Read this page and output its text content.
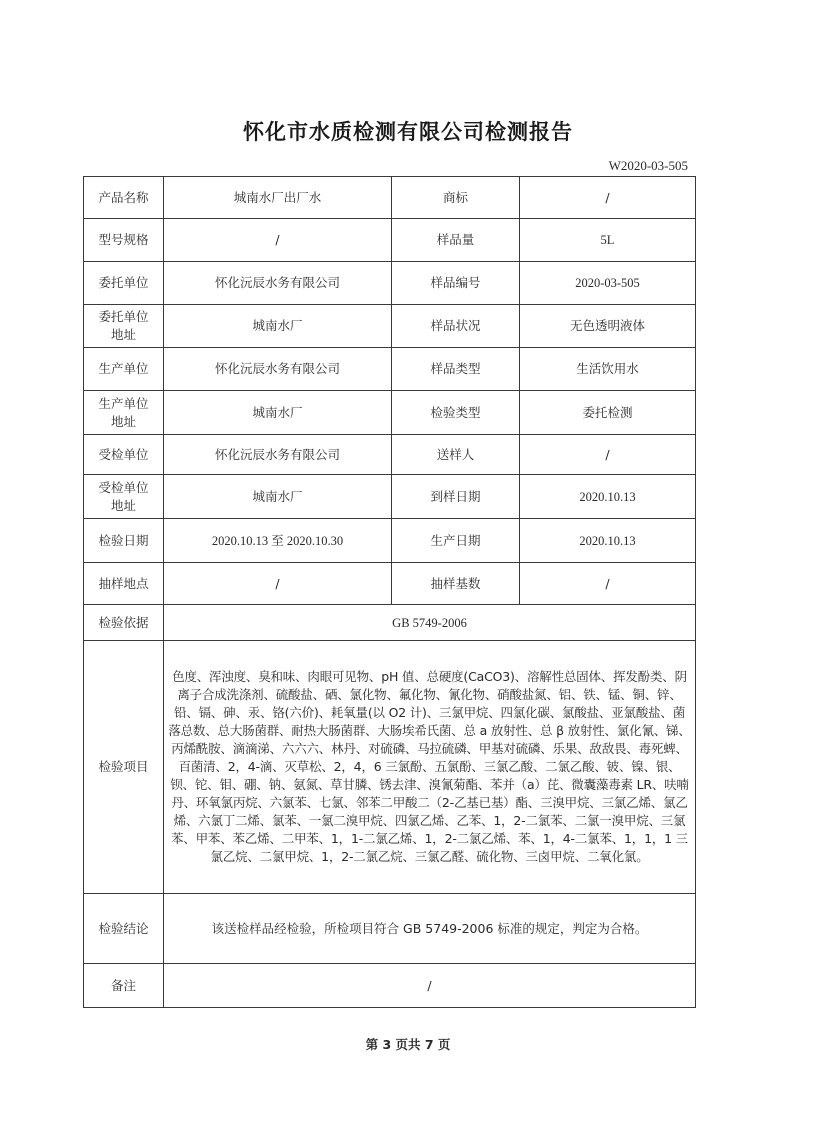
怀化市水质检测有限公司检测报告
W2020-03-505
产品名称	城南水厂出厂水	商标	/
型号规格	/	样品量	5L
委托单位	怀化沅辰水务有限公司	样品编号	2020-03-505

委托单位
地址	城南水厂	样品状况	无色透明液体
生产单位	怀化沅辰水务有限公司	样品类型	生活饮用水

生产单位
地址	城南水厂	检验类型	委托检测
受检单位	怀化沅辰水务有限公司	送样人	/

受检单位
地址	城南水厂	到样日期	2020.10.13
检验日期	2020.10.13 至 2020.10.30	生产日期	2020.10.13
抽样地点	/	抽样基数	/
检验依据	GB 5749-2006		
检验项目	色度、浑浊度、臭和味、肉眼可见物、pH 值、总硬度(CaCO3)、溶解性总固体、挥发酚类、阴离子合成洗涤剂、硫酸盐、硒、氯化物、氟化物、氰化物、硝酸盐氮、铝、铁、锰、铜、锌、铅、镉、砷、汞、铬(六价)、耗氧量(以 O2 计)、三氯甲烷、四氯化碳、氯酸盐、亚氯酸盐、菌落总数、总大肠菌群、耐热大肠菌群、大肠埃希氏菌、总 a 放射性、总 β 放射性、氯化氰、锑、丙烯酰胺、滴滴涕、六六六、林丹、对硫磷、马拉硫磷、甲基对硫磷、乐果、敌敌畏、毒死蜱、百菌清、2，4-滴、灭草松、2，4，6 三氯酚、五氯酚、三氯乙酸、二氯乙酸、铍、镍、银、钡、铊、钼、硼、钠、氨氮、草甘膦、锈去津、溴氰菊酯、苯并（a）芘、微囊藻毒素 LR、呋喃丹、环氧氯丙烷、六氯苯、七氯、邻苯二甲酸二（2-乙基已基）酯、三溴甲烷、三氯乙烯、氯乙烯、六氯丁二烯、氯苯、一氯二溴甲烷、四氯乙烯、乙苯、1，2-二氯苯、二氯一溴甲烷、三氯苯、甲苯、苯乙烯、二甲苯、1，1-二氯乙烯、1，2-二氯乙烯、苯、1，4-二氯苯、1，1，1 三氯乙烷、二氯甲烷、1，2-二氯乙烷、三氯乙醛、硫化物、三卤甲烷、二氧化氯。		
检验结论	该送检样品经检验，所检项目符合 GB 5749-2006 标准的规定，判定为合格。		
备注	/		
第 3 页共 7 页
